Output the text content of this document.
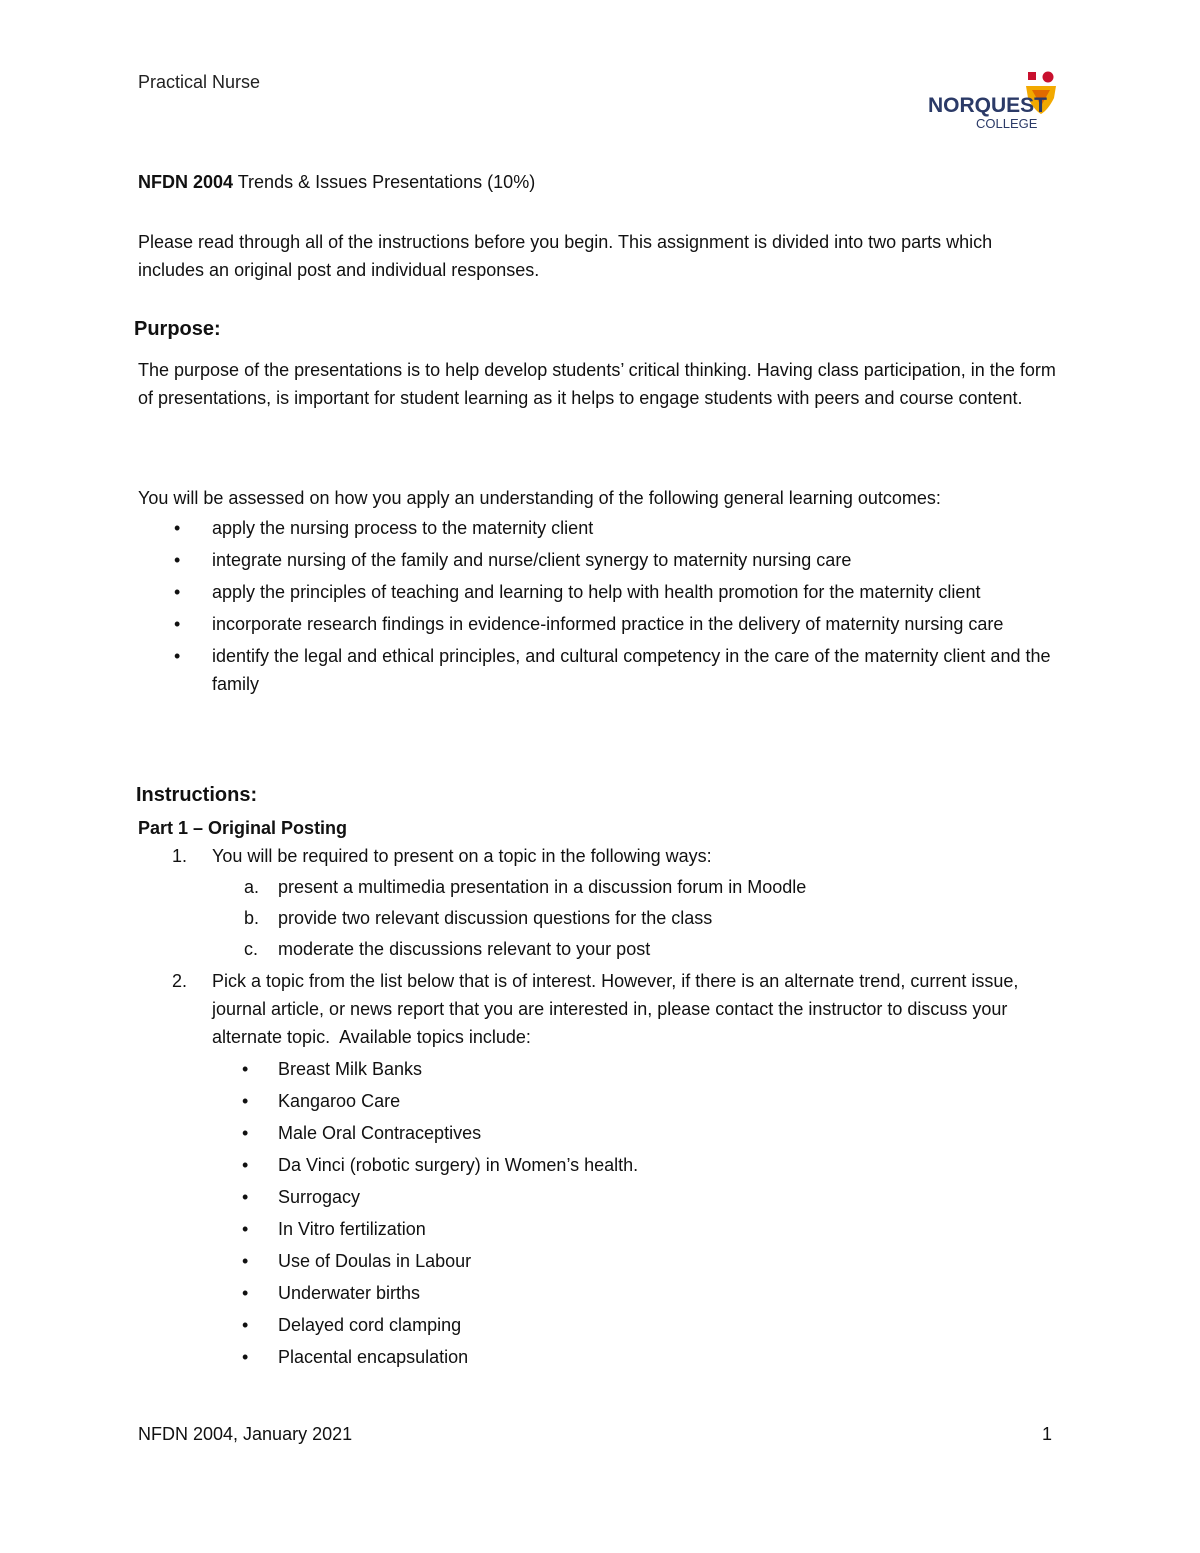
Practical Nurse
NORQUEST
COLLEGE
NFDN 2004 Trends & Issues Presentations (10%)
Please read through all of the instructions before you begin. This assignment is divided into two parts which includes an original post and individual responses.
Purpose:
The purpose of the presentations is to help develop students’ critical thinking. Having class participation, in the form of presentations, is important for student learning as it helps to engage students with peers and course content.
You will be assessed on how you apply an understanding of the following general learning outcomes:
• apply the nursing process to the maternity client
• integrate nursing of the family and nurse/client synergy to maternity nursing care
• apply the principles of teaching and learning to help with health promotion for the maternity client
• incorporate research findings in evidence-informed practice in the delivery of maternity nursing care
• identify the legal and ethical principles, and cultural competency in the care of the maternity client and the family
Instructions:
Part 1 – Original Posting
1. You will be required to present on a topic in the following ways:
a. present a multimedia presentation in a discussion forum in Moodle
b. provide two relevant discussion questions for the class
c. moderate the discussions relevant to your post
2. Pick a topic from the list below that is of interest. However, if there is an alternate trend, current issue, journal article, or news report that you are interested in, please contact the instructor to discuss your alternate topic.  Available topics include:
• Breast Milk Banks
• Kangaroo Care
• Male Oral Contraceptives
• Da Vinci (robotic surgery) in Women’s health.
• Surrogacy
• In Vitro fertilization
• Use of Doulas in Labour
• Underwater births
• Delayed cord clamping
• Placental encapsulation
NFDN 2004, January 2021	1
